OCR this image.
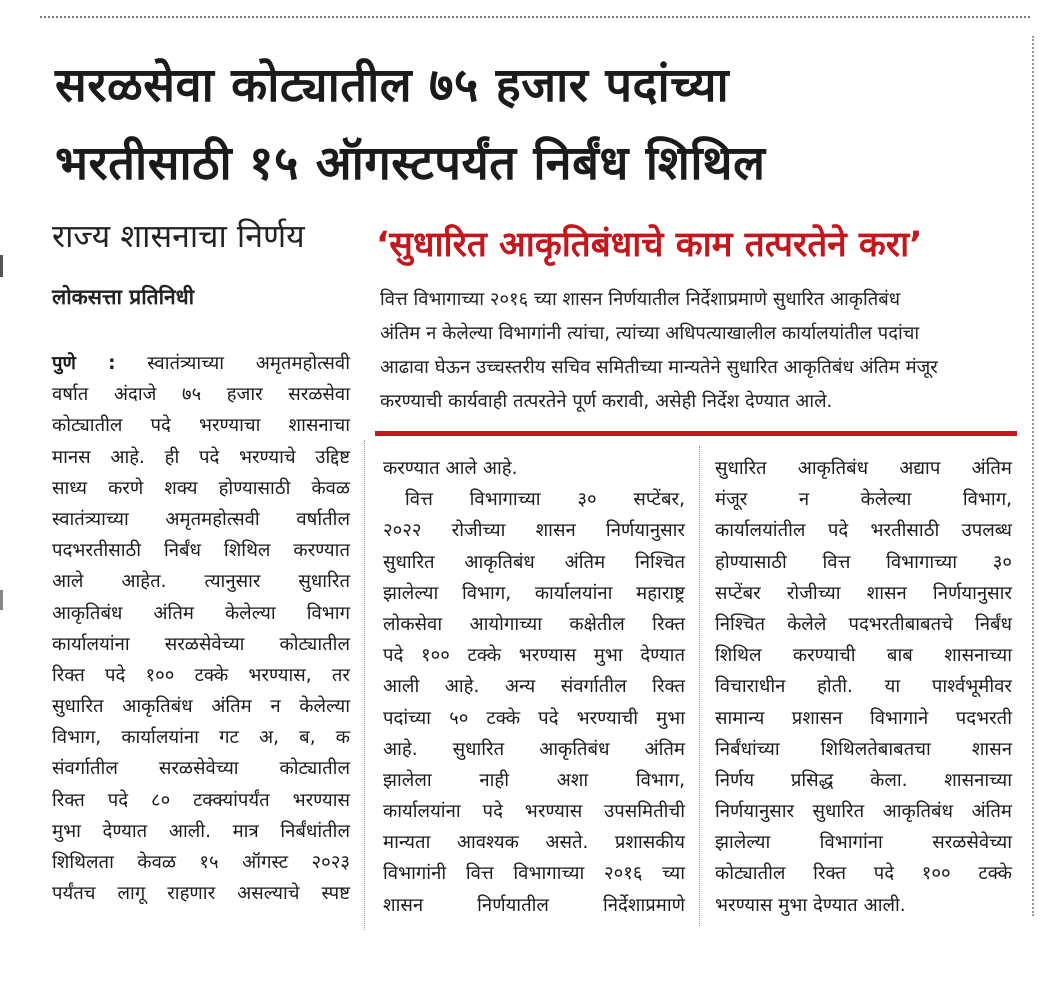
सरळसेवा कोट्यातील ७५ हजार पदांच्या
भरतीसाठी १५ ऑगस्टपर्यंत निर्बंध शिथिल
राज्य शासनाचा निर्णय
लोकसत्ता प्रतिनिधी
‘सुधारित आकृतिबंधाचे काम तत्परतेने करा’
वित्त विभागाच्या २०१६ च्या शासन निर्णयातील निर्देशाप्रमाणे सुधारित आकृतिबंध
अंतिम न केलेल्या विभागांनी त्यांचा, त्यांच्या अधिपत्याखालील कार्यालयांतील पदांचा
आढावा घेऊन उच्चस्तरीय सचिव समितीच्या मान्यतेने सुधारित आकृतिबंध अंतिम मंजूर
करण्याची कार्यवाही तत्परतेने पूर्ण करावी, असेही निर्देश देण्यात आले.
पुणे : स्वातंत्र्याच्या अमृतमहोत्सवी
वर्षात अंदाजे ७५ हजार सरळसेवा
कोट्यातील पदे भरण्याचा शासनाचा
मानस आहे. ही पदे भरण्याचे उद्दिष्ट
साध्य करणे शक्य होण्यासाठी केवळ
स्वातंत्र्याच्या अमृतमहोत्सवी वर्षातील
पदभरतीसाठी निर्बंध शिथिल करण्यात
आले आहेत. त्यानुसार सुधारित
आकृतिबंध अंतिम केलेल्या विभाग
कार्यालयांना सरळसेवेच्या कोट्यातील
रिक्त पदे १०० टक्के भरण्यास, तर
सुधारित आकृतिबंध अंतिम न केलेल्या
विभाग, कार्यालयांना गट अ, ब, क
संवर्गातील सरळसेवेच्या कोट्यातील
रिक्त पदे ८० टक्क्यांपर्यंत भरण्यास
मुभा देण्यात आली. मात्र निर्बंधांतील
शिथिलता केवळ १५ ऑगस्ट २०२३
पर्यंतच लागू राहणार असल्याचे स्पष्ट
करण्यात आले आहे.
वित्त विभागाच्या ३० सप्टेंबर,
२०२२ रोजीच्या शासन निर्णयानुसार
सुधारित आकृतिबंध अंतिम निश्चित
झालेल्या विभाग, कार्यालयांना महाराष्ट्र
लोकसेवा आयोगाच्या कक्षेतील रिक्त
पदे १०० टक्के भरण्यास मुभा देण्यात
आली आहे. अन्य संवर्गातील रिक्त
पदांच्या ५० टक्के पदे भरण्याची मुभा
आहे. सुधारित आकृतिबंध अंतिम
झालेला नाही अशा विभाग,
कार्यालयांना पदे भरण्यास उपसमितीची
मान्यता आवश्यक असते. प्रशासकीय
विभागांनी वित्त विभागाच्या २०१६ च्या
शासन निर्णयातील निर्देशाप्रमाणे
सुधारित आकृतिबंध अद्याप अंतिम
मंजूर न केलेल्या विभाग,
कार्यालयांतील पदे भरतीसाठी उपलब्ध
होण्यासाठी वित्त विभागाच्या ३०
सप्टेंबर रोजीच्या शासन निर्णयानुसार
निश्चित केलेले पदभरतीबाबतचे निर्बंध
शिथिल करण्याची बाब शासनाच्या
विचाराधीन होती. या पार्श्वभूमीवर
सामान्य प्रशासन विभागाने पदभरती
निर्बंधांच्या शिथिलतेबाबतचा शासन
निर्णय प्रसिद्ध केला. शासनाच्या
निर्णयानुसार सुधारित आकृतिबंध अंतिम
झालेल्या विभागांना सरळसेवेच्या
कोट्यातील रिक्त पदे १०० टक्के
भरण्यास मुभा देण्यात आली.
